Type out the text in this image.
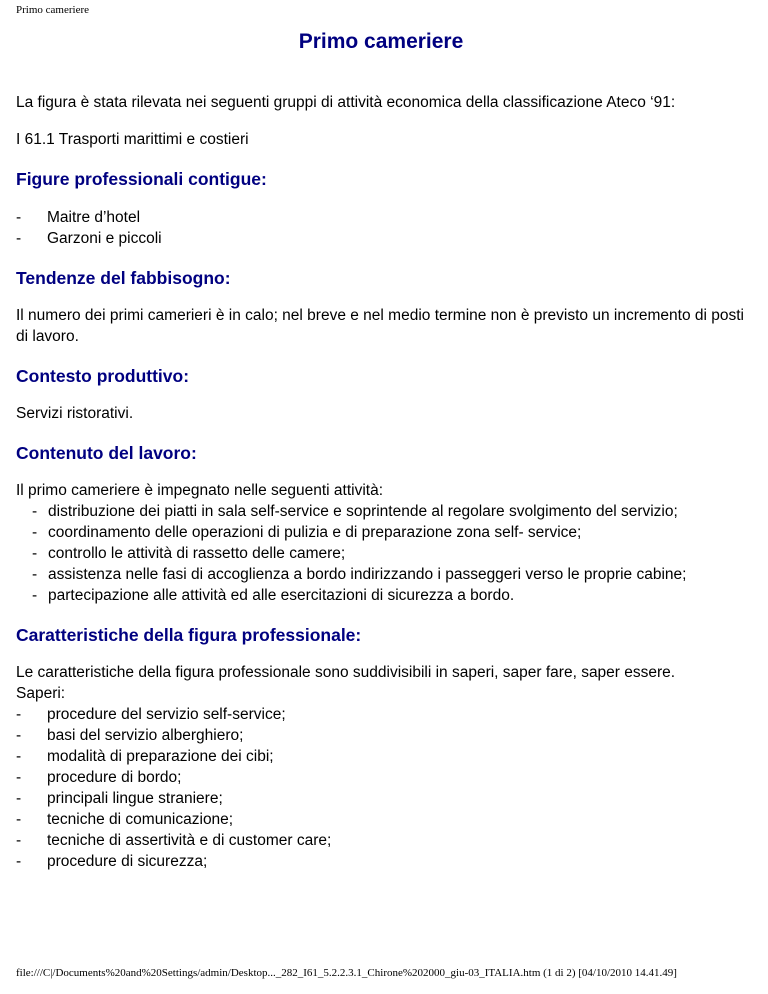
Primo cameriere
Primo cameriere

La figura è stata rilevata nei seguenti gruppi di attività economica della classificazione Ateco ‘91:

I 61.1 Trasporti marittimi e costieri

Figure professionali contigue:
- Maitre d’hotel
- Garzoni e piccoli
Tendenze del fabbisogno:

Il numero dei primi camerieri è in calo; nel breve e nel medio termine non è previsto un incremento di posti di lavoro.

Contesto produttivo:

Servizi ristorativi.

Contenuto del lavoro:

Il primo cameriere è impegnato nelle seguenti attività:

- distribuzione dei piatti in sala self-service e soprintende al regolare svolgimento del servizio;
- coordinamento delle operazioni di pulizia e di preparazione zona self- service;
- controllo le attività di rassetto delle camere;
- assistenza nelle fasi di accoglienza a bordo indirizzando i passeggeri verso le proprie cabine;
- partecipazione alle attività ed alle esercitazioni di sicurezza a bordo.
Caratteristiche della figura professionale:

Le caratteristiche della figura professionale sono suddivisibili in saperi, saper fare, saper essere.

Saperi:

- procedure del servizio self-service;
- basi del servizio alberghiero;
- modalità di preparazione dei cibi;
- procedure di bordo;
- principali lingue straniere;
- tecniche di comunicazione;
- tecniche di assertività e di customer care;
- procedure di sicurezza;
file:///C|/Documents%20and%20Settings/admin/Desktop..._282_I61_5.2.2.3.1_Chirone%202000_giu-03_ITALIA.htm (1 di 2) [04/10/2010 14.41.49]
